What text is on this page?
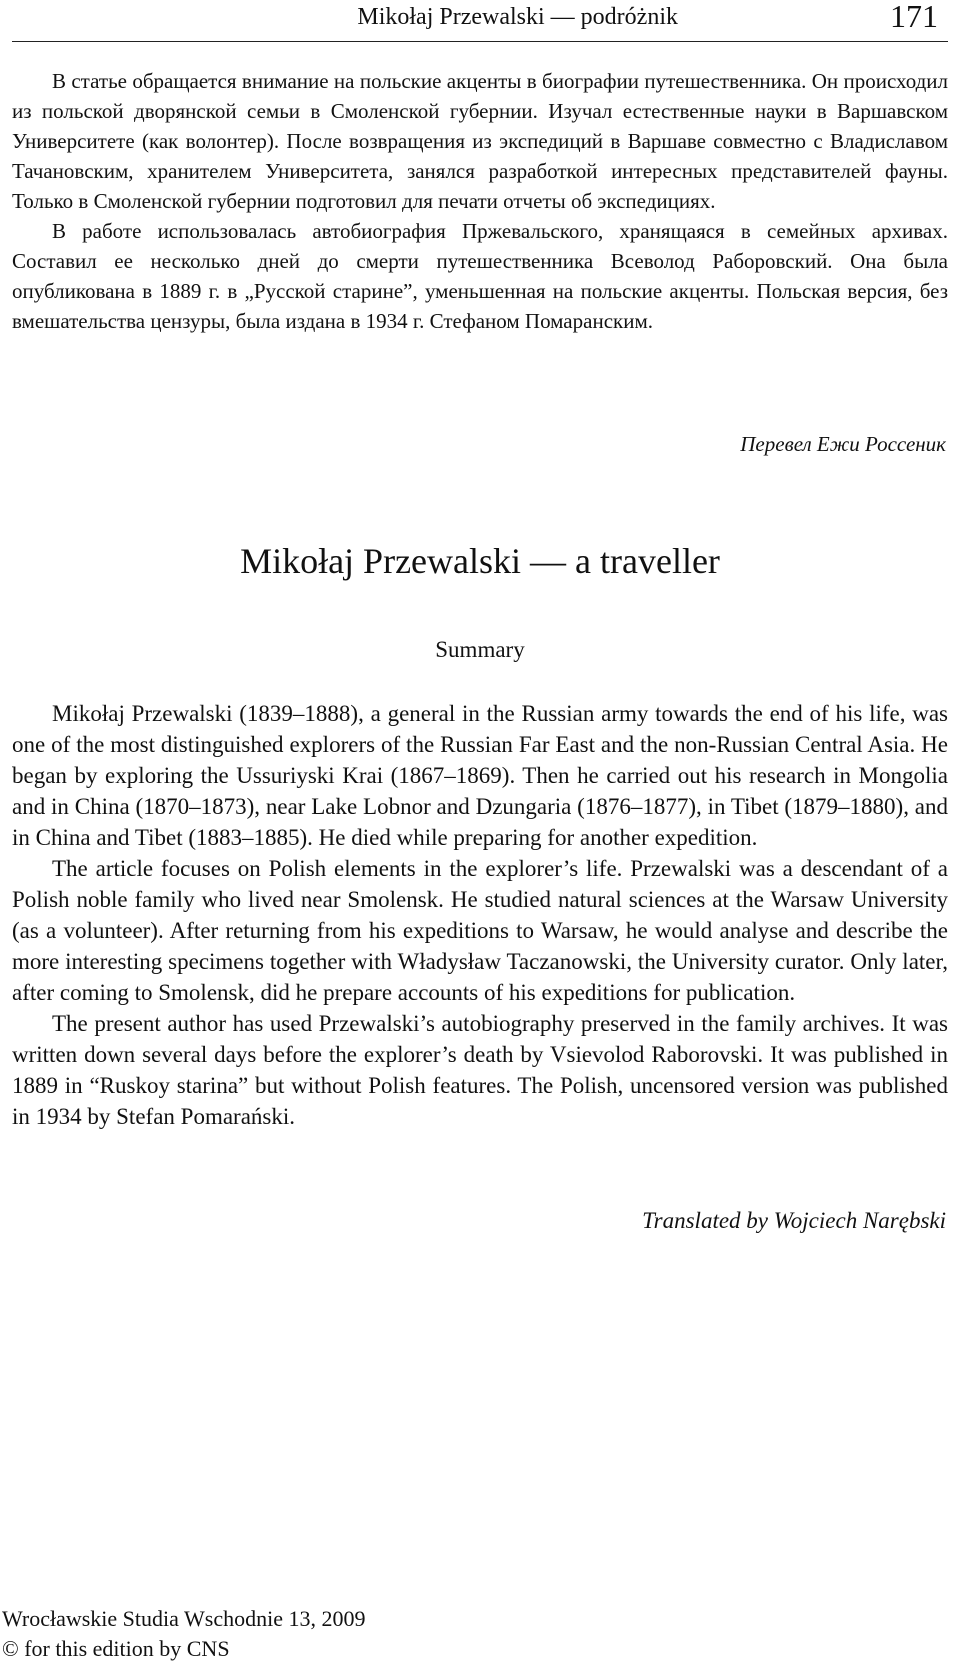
Mikołaj Przewalski — podróżnik	171

В статье обращается внимание на польские акценты в биографии путешественника. Он происходил из польской дворянской семьи в Смоленской губернии. Изучал естественные науки в Варшавском Университете (как волонтер). После возвращения из экспедиций в Варшаве совместно с Владиславом Тачановским, хранителем Университета, занялся разработкой интересных представителей фауны. Только в Смоленской губернии подготовил для печати отчеты об экспедициях.

В работе использовалась автобиография Пржевальского, хранящаяся в семейных архивах. Составил ее несколько дней до смерти путешественника Всеволод Раборовский. Она была опубликована в 1889 г. в „Русской старине”, уменьшенная на польские акценты. Польская версия, без вмешательства цензуры, была издана в 1934 г. Стефаном Помаранским.

Перевел Ежи Россеник
Mikołaj Przewalski — a traveller
Summary

Mikołaj Przewalski (1839–1888), a general in the Russian army towards the end of his life, was one of the most distinguished explorers of the Russian Far East and the non-Russian Central Asia. He began by exploring the Ussuriyski Krai (1867–1869). Then he carried out his research in Mongolia and in China (1870–1873), near Lake Lobnor and Dzungaria (1876–1877), in Tibet (1879–1880), and in China and Tibet (1883–1885). He died while preparing for another expedition.

The article focuses on Polish elements in the explorer’s life. Przewalski was a descendant of a Polish noble family who lived near Smolensk. He studied natural sciences at the Warsaw University (as a volunteer). After returning from his expeditions to Warsaw, he would analyse and describe the more interesting specimens together with Władysław Taczanowski, the University curator. Only later, after coming to Smolensk, did he prepare accounts of his expeditions for publication.

The present author has used Przewalski’s autobiography preserved in the family archives. It was written down several days before the explorer’s death by Vsievolod Raborovski. It was published in 1889 in “Ruskoy starina” but without Polish features. The Polish, uncensored version was published in 1934 by Stefan Pomarański.

Translated by Wojciech Narębski
Wrocławskie Studia Wschodnie 13, 2009
© for this edition by CNS
